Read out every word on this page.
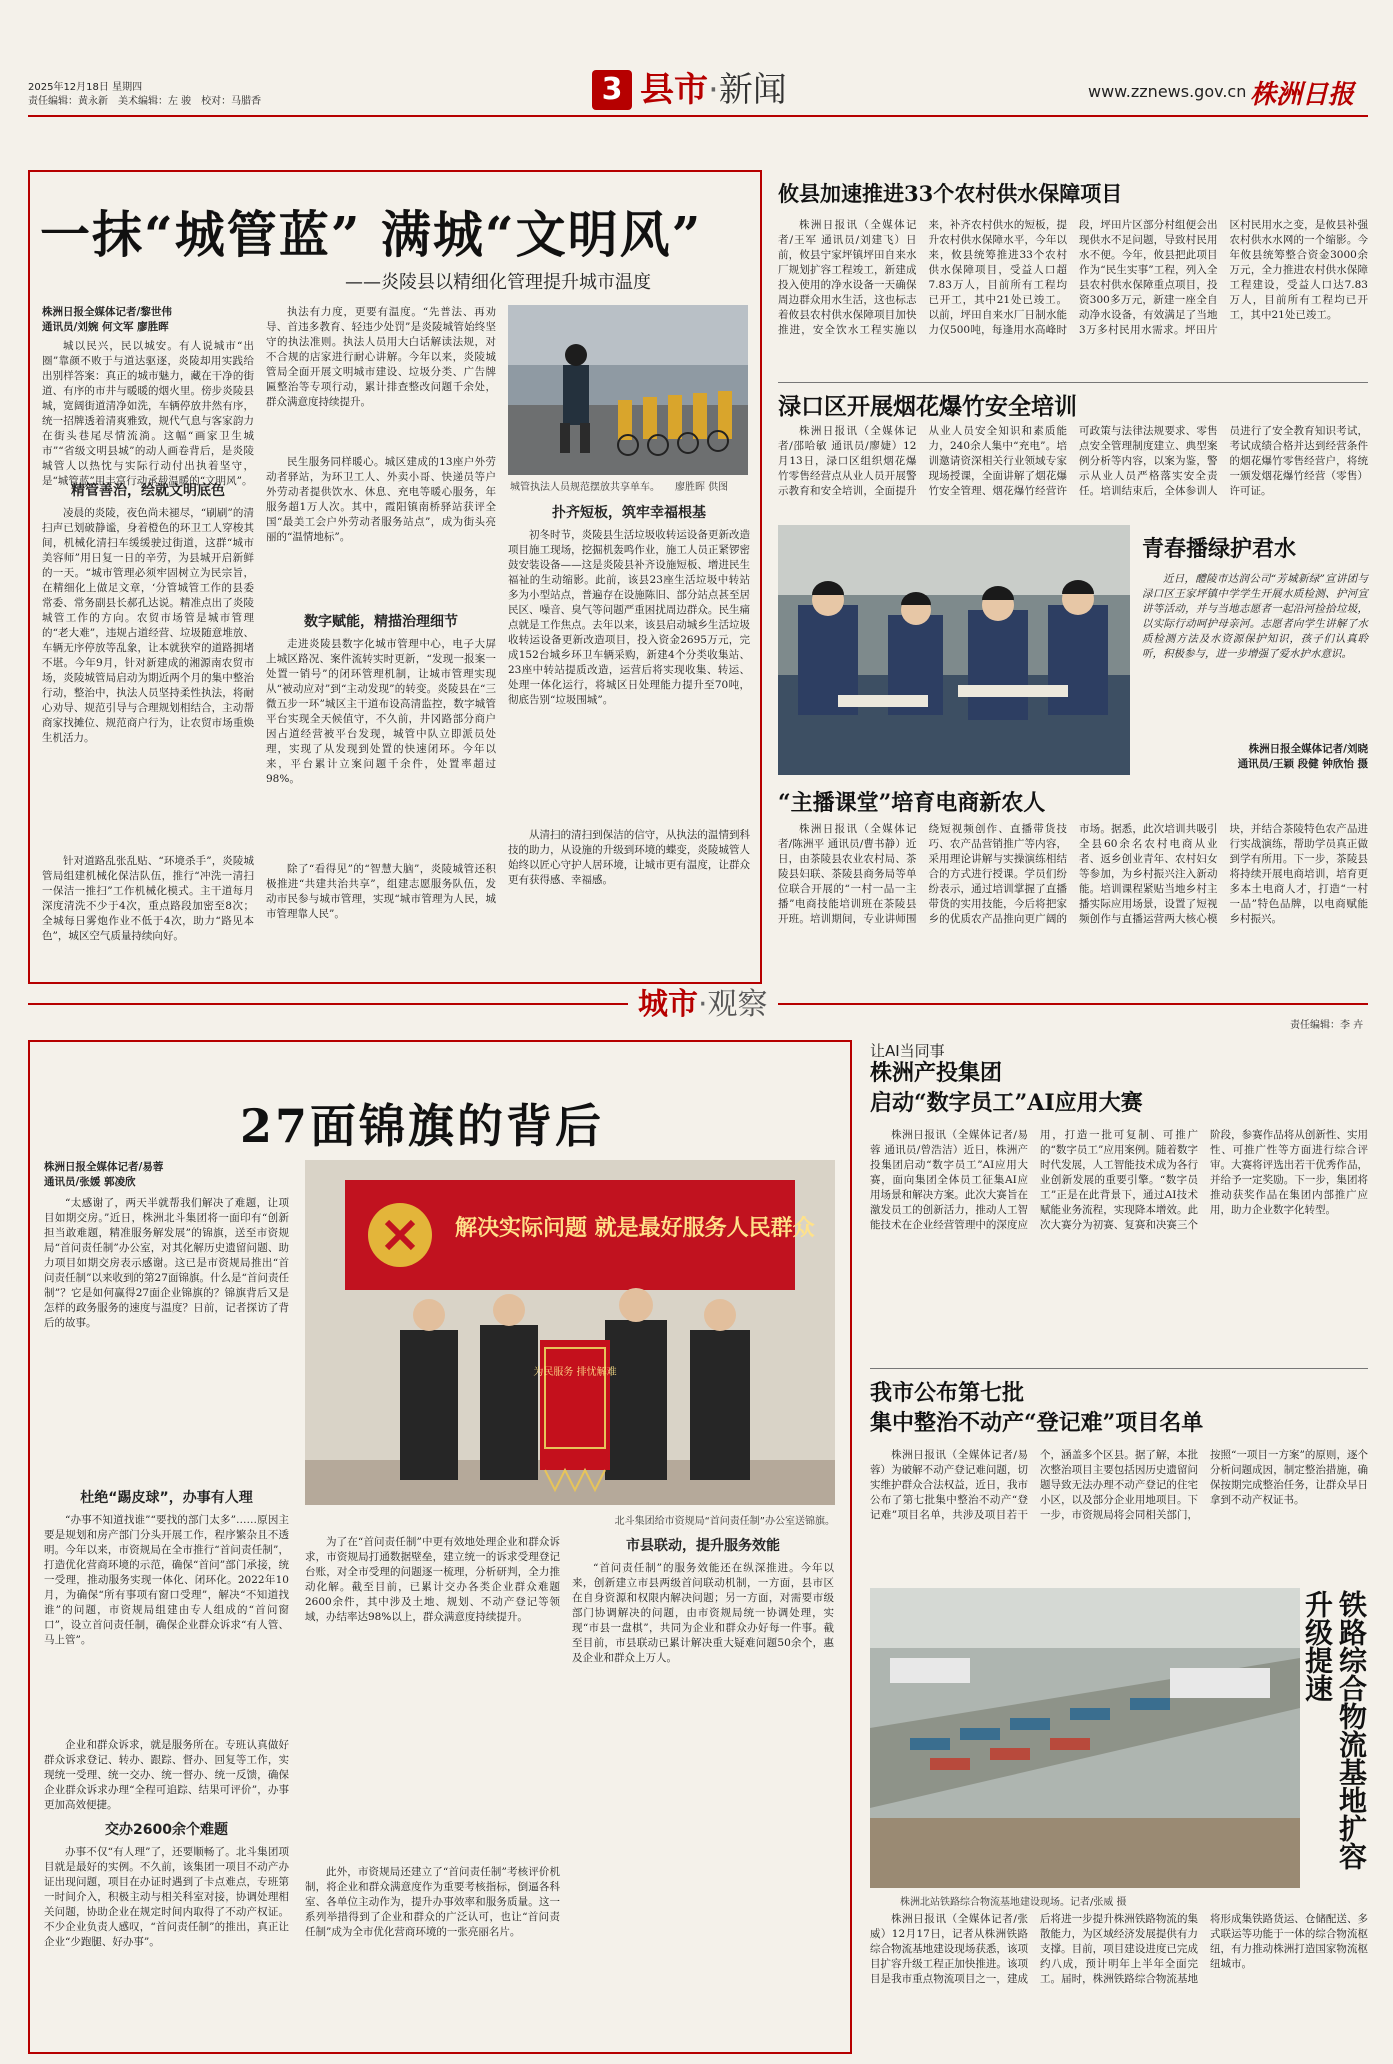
2025年12月18日 星期四
责任编辑：黄永新　美术编辑：左 骏　校对：马腊香	3 县市·新闻	www.zznews.gov.cn 株洲日报
一抹“城管蓝” 满城“文明风”
——炎陵县以精细化管理提升城市温度
株洲日报全媒体记者/黎世伟
通讯员/刘婉 何文军 廖胜晖
城以民兴，民以城安。有人说城市“出圈”靠颜不败于与道达驱逐，炎陵却用实践给出别样答案：真正的城市魅力，藏在干净的街道、有序的市井与暖暖的烟火里。傍步炎陵县城，宽阔街道清净如洗，车辆停放井然有序，统一招牌透着清爽雅致，规代气息与客家韵力在街头巷尾尽情流淌。这幅“画家卫生城市”“省级文明县城”的动人画卷背后，是炎陵城管人以热忱与实际行动付出执着坚守，是“城管蓝”用丰富行动承载温暖的“文明风”。
精管善治，绘就文明底色
凌晨的炎陵，夜色尚未褪尽，“刷刷”的清扫声已划破静谧，身着橙色的环卫工人穿梭其间，机械化清扫车缓缓驶过街道，这群“城市美容师”用日复一日的辛劳，为县城开启新鲜的一天。“城市管理必须牢固树立为民宗旨，在精细化上做足文章，‘分管城管工作的县委常委、常务副县长郝孔达说。精准点出了炎陵城管工作的方向。农贸市场管是城市管理的“老大难”，违规占道经营、垃圾随意堆放、车辆无序停放等乱象，让本就狭窄的道路拥堵不堪。今年9月，针对新建成的湘源南农贸市场，炎陵城管局启动为期近两个月的集中整治行动，整治中，执法人员坚持柔性执法，将耐心劝导、规范引导与合理规划相结合，主动帮商家找摊位、规范商户行为，让农贸市场重焕生机活力。
针对道路乱张乱贴、“环境杀手”，炎陵城管局组建机械化保洁队伍，推行“冲洗一清扫一保洁一推扫”工作机械化模式。主干道每月深度清洗不少于4次，重点路段加密至8次；全城每日雾炮作业不低于4次，助力“路见本色”，城区空气质量持续向好。
执法有力度，更要有温度。“先普法、再劝导、首违多教育、轻违少处罚”是炎陵城管始终坚守的执法准则。执法人员用大白话解读法规，对不合规的店家进行耐心讲解。今年以来，炎陵城管局全面开展文明城市建设、垃圾分类、广告牌匾整治等专项行动，累计排查整改问题千余处，群众满意度持续提升。
民生服务同样暖心。城区建成的13座户外劳动者驿站，为环卫工人、外卖小哥、快递员等户外劳动者提供饮水、休息、充电等暖心服务，年服务超1万人次。其中，霞阳镇南桥驿站获评全国“最美工会户外劳动者服务站点”，成为街头亮丽的“温情地标”。
数字赋能，精描治理细节
走进炎陵县数字化城市管理中心，电子大屏上城区路况、案件流转实时更新，“发现一报案一处置一销号”的闭环管理机制，让城市管理实现从“被动应对”到“主动发现”的转变。炎陵县在“三微五步一环”城区主干道布设高清监控，数字城管平台实现全天候值守，不久前，井冈路部分商户因占道经营被平台发现，城管中队立即派员处理，实现了从发现到处置的快速闭环。今年以来，平台累计立案问题千余件，处置率超过98%。
除了“看得见”的“智慧大脑”，炎陵城管还积极推进“共建共治共享”，组建志愿服务队伍，发动市民参与城市管理，实现“城市管理为人民，城市管理靠人民”。
城管执法人员规范摆放共享单车。　　廖胜晖 供图
扑齐短板，筑牢幸福根基
初冬时节，炎陵县生活垃圾收转运设备更新改造项目施工现场，挖掘机轰鸣作业，施工人员正紧锣密鼓安装设备——这是炎陵县补齐设施短板、增进民生福祉的生动缩影。此前，该县23座生活垃圾中转站多为小型站点，普遍存在设施陈旧、部分站点甚至居民区、噪音、臭气等问题严重困扰周边群众。民生痛点就是工作焦点。去年以来，该县启动城乡生活垃圾收转运设备更新改造项目，投入资金2695万元，完成152台城乡环卫车辆采购，新建4个分类收集站、23座中转站提质改造，运营后将实现收集、转运、处理一体化运行，将城区日处理能力提升至70吨，彻底告别“垃圾围城”。
从清扫的清扫到保洁的信守，从执法的温情到科技的助力，从设施的升级到环境的蝶变，炎陵城管人始终以匠心守护人居环境，让城市更有温度，让群众更有获得感、幸福感。
攸县加速推进33个农村供水保障项目
株洲日报讯（全媒体记者/王军 通讯员/刘建飞）日前，攸县宁家坪镇坪田自来水厂规划扩容工程竣工，新建成投入使用的净水设备一天确保周边群众用水生活，这也标志着攸县农村供水保障项目加快推进，安全饮水工程实施以来，补齐农村供水的短板，提升农村供水保障水平，今年以来，攸县统筹推进33个农村供水保障项目，受益人口超7.83万人，目前所有工程均已开工，其中21处已竣工。以前，坪田自来水厂日制水能力仅500吨，每逢用水高峰时段，坪田片区部分村组便会出现供水不足问题，导致村民用水不便。今年，攸县把此项目作为“民生实事”工程，列入全县农村供水保障重点项目，投资300多万元，新建一座全自动净水设备，有效满足了当地3万多村民用水需求。坪田片区村民用水之变，是攸县补强农村供水水网的一个缩影。今年攸县统筹整合资金3000余万元，全力推进农村供水保障工程建设，受益人口达7.83万人，目前所有工程均已开工，其中21处已竣工。
渌口区开展烟花爆竹安全培训
株洲日报讯（全媒体记者/邵哈敏 通讯员/廖婕）12月13日，渌口区组织烟花爆竹零售经营点从业人员开展警示教育和安全培训，全面提升从业人员安全知识和素质能力，240余人集中“充电”。培训邀请资深相关行业领域专家现场授课，全面讲解了烟花爆竹安全管理、烟花爆竹经营许可政策与法律法规要求、零售点安全管理制度建立、典型案例分析等内容，以案为鉴，警示从业人员严格落实安全责任。培训结束后，全体参训人员进行了安全教育知识考试，考试成绩合格并达到经营条件的烟花爆竹零售经营户，将统一颁发烟花爆竹经营（零售）许可证。
青春播绿护君水
近日，醴陵市达润公司“芳城新绿”宣讲团与渌口区王家坪镇中学学生开展水质检测、护河宣讲等活动，并与当地志愿者一起沿河捡拾垃圾，以实际行动呵护母亲河。志愿者向学生讲解了水质检测方法及水资源保护知识，孩子们认真聆听，积极参与，进一步增强了爱水护水意识。
株洲日报全媒体记者/刘晓
通讯员/王颖 段健 钟欣怡 摄
“主播课堂”培育电商新农人
株洲日报讯（全媒体记者/陈洲平 通讯员/曹书静）近日，由茶陵县农业农村局、茶陵县妇联、茶陵县商务局等单位联合开展的“一村一品一主播”电商技能培训班在茶陵县开班。培训期间，专业讲师围绕短视频创作、直播带货技巧、农产品营销推广等内容，采用理论讲解与实操演练相结合的方式进行授课。学员们纷纷表示，通过培训掌握了直播带货的实用技能，今后将把家乡的优质农产品推向更广阔的市场。据悉，此次培训共吸引全县60余名农村电商从业者、返乡创业青年、农村妇女等参加，为乡村振兴注入新动能。培训课程紧贴当地乡村主播实际应用场景，设置了短视频创作与直播运营两大核心模块，并结合茶陵特色农产品进行实战演练，帮助学员真正做到学有所用。下一步，茶陵县将持续开展电商培训，培育更多本土电商人才，打造“一村一品”特色品牌，以电商赋能乡村振兴。
城市·观察
责任编辑：李 卉
27面锦旗的背后
株洲日报全媒体记者/易蓉
通讯员/张媛 郭凌欣
“太感谢了，两天半就帮我们解决了难题，让项目如期交房。”近日，株洲北斗集团将一面印有“创新担当敢难题，精准服务解发展”的锦旗，送至市资规局“首问责任制”办公室，对其化解历史遗留问题、助力项目如期交房表示感谢。这已是市资规局推出“首问责任制”以来收到的第27面锦旗。什么是“首问责任制”？它是如何赢得27面企业锦旗的？锦旗背后又是怎样的政务服务的速度与温度？日前，记者探访了背后的故事。
杜绝“踢皮球”，办事有人理
“办事不知道找谁”“要找的部门太多”……原因主要是规划和房产部门分头开展工作，程序繁杂且不透明。今年以来，市资规局在全市推行“首问责任制”，打造优化营商环境的示范，确保“首问”部门承接，统一受理，推动服务实现一体化、闭环化。2022年10月，为确保“所有事项有窗口受理”，解决“不知道找谁”的问题，市资规局组建由专人组成的“首问窗口”，设立首问责任制，确保企业群众诉求“有人管、马上管”。
企业和群众诉求，就是服务所在。专班认真做好群众诉求登记、转办、跟踪、督办、回复等工作，实现统一受理、统一交办、统一督办、统一反馈，确保企业群众诉求办理“全程可追踪、结果可评价”，办事更加高效便捷。
交办2600余个难题
办事不仅“有人理”了，还要顺畅了。北斗集团项目就是最好的实例。不久前，该集团一项目不动产办证出现问题，项目在办证时遇到了卡点难点，专班第一时间介入，积极主动与相关科室对接，协调处理相关问题，协助企业在规定时间内取得了不动产权证。不少企业负责人感叹，“首问责任制”的推出，真正让企业“少跑腿、好办事”。
解决实际问题 就是最好服务人民群众
为民服务 排忧解难
北斗集团给市资规局“首问责任制”办公室送锦旗。
为了在“首问责任制”中更有效地处理企业和群众诉求，市资规局打通数据壁垒，建立统一的诉求受理登记台账，对全市受理的问题逐一梳理，分析研判，全力推动化解。截至目前，已累计交办各类企业群众难题2600余件，其中涉及土地、规划、不动产登记等领域，办结率达98%以上，群众满意度持续提升。
此外，市资规局还建立了“首问责任制”考核评价机制，将企业和群众满意度作为重要考核指标，倒逼各科室、各单位主动作为，提升办事效率和服务质量。这一系列举措得到了企业和群众的广泛认可，也让“首问责任制”成为全市优化营商环境的一张亮丽名片。
市县联动，提升服务效能
“首问责任制”的服务效能还在纵深推进。今年以来，创新建立市县两级首问联动机制，一方面，县市区在自身资源和权限内解决问题；另一方面，对需要市级部门协调解决的问题，由市资规局统一协调处理，实现“市县一盘棋”，共同为企业和群众办好每一件事。截至目前，市县联动已累计解决重大疑难问题50余个，惠及企业和群众上万人。
让AI当同事
株洲产投集团
启动“数字员工”AI应用大赛
株洲日报讯（全媒体记者/易蓉 通讯员/曾浩洁）近日，株洲产投集团启动“数字员工”AI应用大赛，面向集团全体员工征集AI应用场景和解决方案。此次大赛旨在激发员工的创新活力，推动人工智能技术在企业经营管理中的深度应用，打造一批可复制、可推广的“数字员工”应用案例。随着数字时代发展，人工智能技术成为各行业创新发展的重要引擎。“数字员工”正是在此背景下，通过AI技术赋能业务流程，实现降本增效。此次大赛分为初赛、复赛和决赛三个阶段，参赛作品将从创新性、实用性、可推广性等方面进行综合评审。大赛将评选出若干优秀作品，并给予一定奖励。下一步，集团将推动获奖作品在集团内部推广应用，助力企业数字化转型。
我市公布第七批
集中整治不动产“登记难”项目名单
株洲日报讯（全媒体记者/易蓉）为破解不动产登记难问题，切实维护群众合法权益，近日，我市公布了第七批集中整治不动产“登记难”项目名单，共涉及项目若干个，涵盖多个区县。据了解，本批次整治项目主要包括因历史遗留问题导致无法办理不动产登记的住宅小区，以及部分企业用地项目。下一步，市资规局将会同相关部门，按照“一项目一方案”的原则，逐个分析问题成因，制定整治措施，确保按期完成整治任务，让群众早日拿到不动产权证书。
铁路综合物流基地扩容升级提速
株洲北站铁路综合物流基地建设现场。记者/张威 摄
株洲日报讯（全媒体记者/张威）12月17日，记者从株洲铁路综合物流基地建设现场获悉，该项目扩容升级工程正加快推进。该项目是我市重点物流项目之一，建成后将进一步提升株洲铁路物流的集散能力，为区域经济发展提供有力支撑。目前，项目建设进度已完成约八成，预计明年上半年全面完工。届时，株洲铁路综合物流基地将形成集铁路货运、仓储配送、多式联运等功能于一体的综合物流枢纽，有力推动株洲打造国家物流枢纽城市。
